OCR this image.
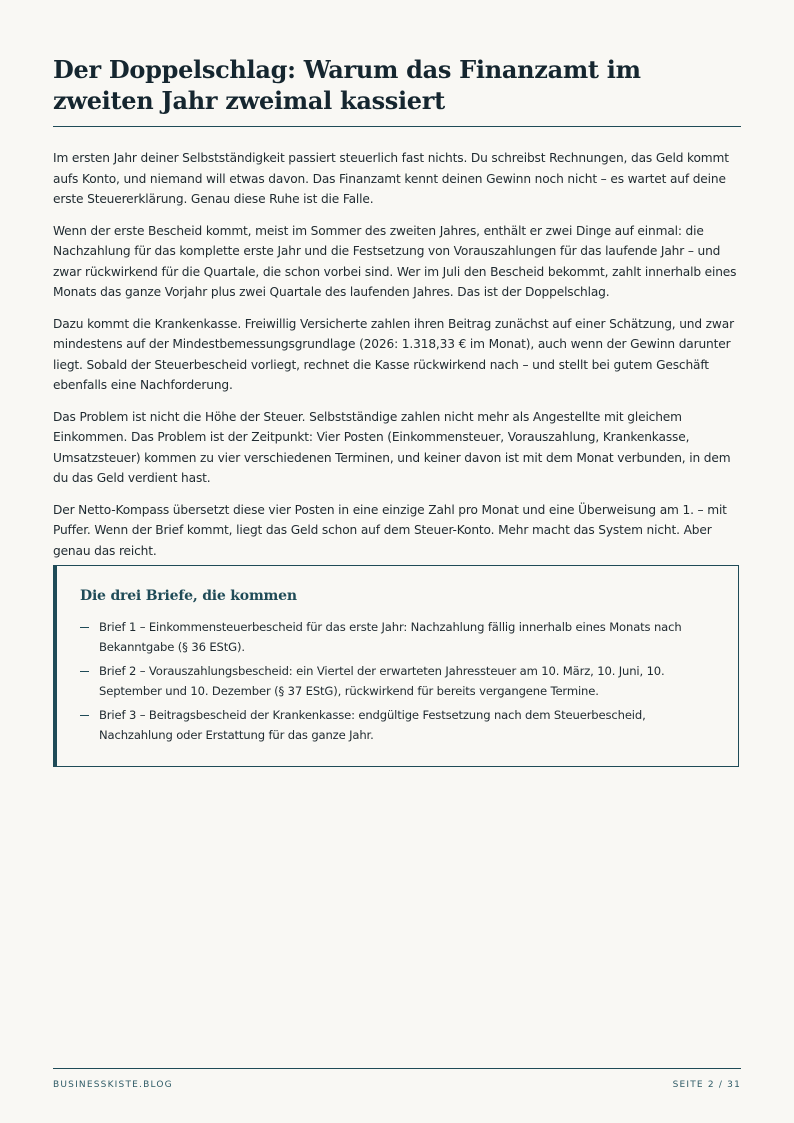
Der Doppelschlag: Warum das Finanzamt im zweiten Jahr zweimal kassiert

Im ersten Jahr deiner Selbstständigkeit passiert steuerlich fast nichts. Du schreibst Rechnungen, das Geld kommt aufs Konto, und niemand will etwas davon. Das Finanzamt kennt deinen Gewinn noch nicht – es wartet auf deine erste Steuererklärung. Genau diese Ruhe ist die Falle.

Wenn der erste Bescheid kommt, meist im Sommer des zweiten Jahres, enthält er zwei Dinge auf einmal: die Nachzahlung für das komplette erste Jahr und die Festsetzung von Vorauszahlungen für das laufende Jahr – und zwar rückwirkend für die Quartale, die schon vorbei sind. Wer im Juli den Bescheid bekommt, zahlt innerhalb eines Monats das ganze Vorjahr plus zwei Quartale des laufenden Jahres. Das ist der Doppelschlag.

Dazu kommt die Krankenkasse. Freiwillig Versicherte zahlen ihren Beitrag zunächst auf einer Schätzung, und zwar mindestens auf der Mindestbemessungsgrundlage (2026: 1.318,33 € im Monat), auch wenn der Gewinn darunter liegt. Sobald der Steuerbescheid vorliegt, rechnet die Kasse rückwirkend nach – und stellt bei gutem Geschäft ebenfalls eine Nachforderung.

Das Problem ist nicht die Höhe der Steuer. Selbstständige zahlen nicht mehr als Angestellte mit gleichem Einkommen. Das Problem ist der Zeitpunkt: Vier Posten (Einkommensteuer, Vorauszahlung, Krankenkasse, Umsatzsteuer) kommen zu vier verschiedenen Terminen, und keiner davon ist mit dem Monat verbunden, in dem du das Geld verdient hast.

Der Netto-Kompass übersetzt diese vier Posten in eine einzige Zahl pro Monat und eine Überweisung am 1. – mit Puffer. Wenn der Brief kommt, liegt das Geld schon auf dem Steuer-Konto. Mehr macht das System nicht. Aber genau das reicht.

Die drei Briefe, die kommen
Brief 1 – Einkommensteuerbescheid für das erste Jahr: Nachzahlung fällig innerhalb eines Monats nach Bekanntgabe (§ 36 EStG).
Brief 2 – Vorauszahlungsbescheid: ein Viertel der erwarteten Jahressteuer am 10. März, 10. Juni, 10. September und 10. Dezember (§ 37 EStG), rückwirkend für bereits vergangene Termine.
Brief 3 – Beitragsbescheid der Krankenkasse: endgültige Festsetzung nach dem Steuerbescheid, Nachzahlung oder Erstattung für das ganze Jahr.
BUSINESSKISTE.BLOG	SEITE 2 / 31
